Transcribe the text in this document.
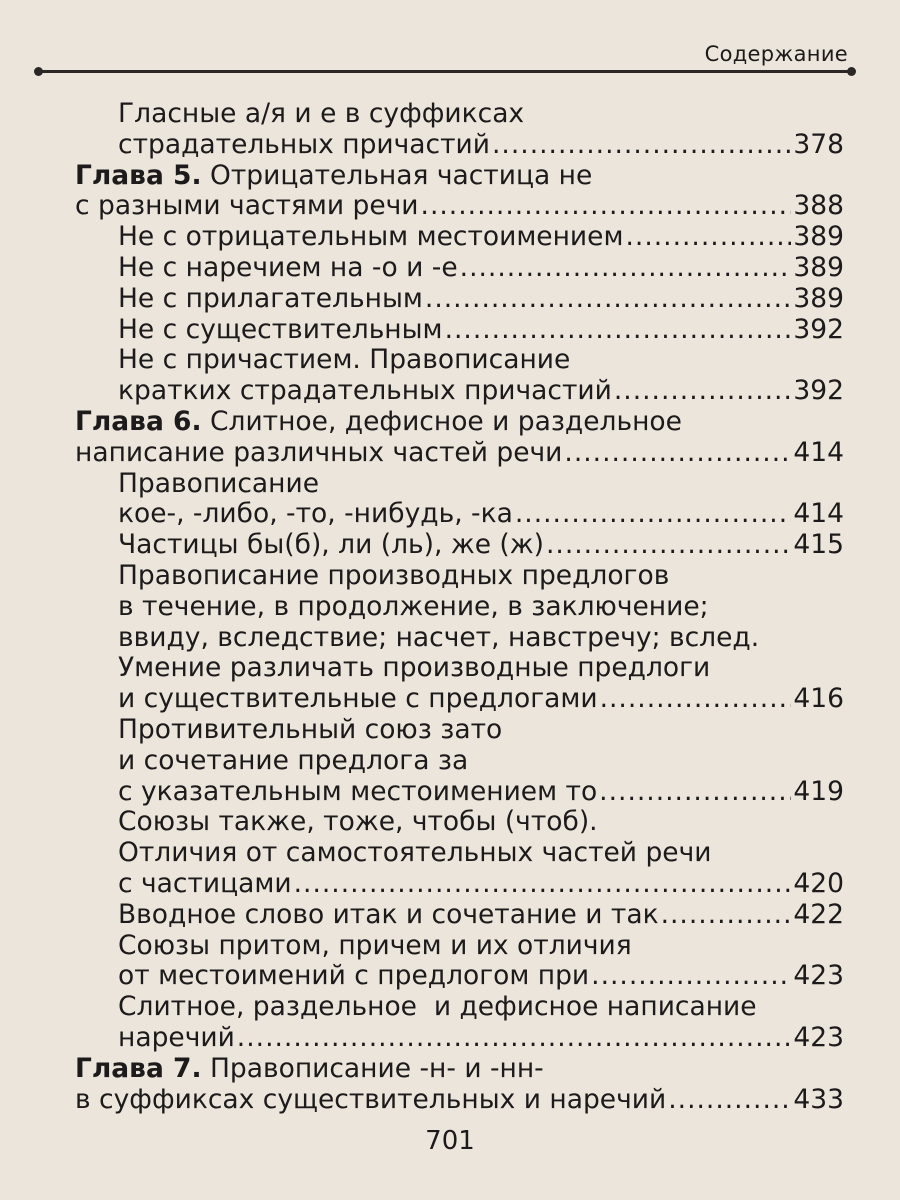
Содержание
Гласные а/я и е в суффиксах
страдательных причастий .....	378
Глава 5.
Отрицательная частица не
с разными частями речи .....	388
Не с отрицательным местоимением .....	389
Не с наречием на -о и -е .....	389
Не с прилагательным .....	389
Не с существительным .....	392
Не с причастием. Правописание
кратких страдательных причастий .....	392
Глава 6.
Слитное, дефисное и раздельное
написание различных частей речи .....	414
Правописание
кое-, -либо, -то, -нибудь, -ка .....	414
Частицы бы(б), ли (ль), же (ж) .....	415
Правописание производных предлогов
в течение, в продолжение, в заключение;
ввиду, вследствие; насчет, навстречу; вслед.
Умение различать производные предлоги
и существительные с предлогами .....	416
Противительный союз зато
и сочетание предлога за
с указательным местоимением то .....	419
Союзы также, тоже, чтобы (чтоб).
Отличия от самостоятельных частей речи
с частицами .....	420
Вводное слово итак и сочетание и так .....	422
Союзы притом, причем и их отличия
от местоимений с предлогом при .....	423
Слитное, раздельное  и дефисное написание
наречий .....	423
Глава 7.
Правописание -н- и -нн-
в суффиксах существительных и наречий .....	433
701
